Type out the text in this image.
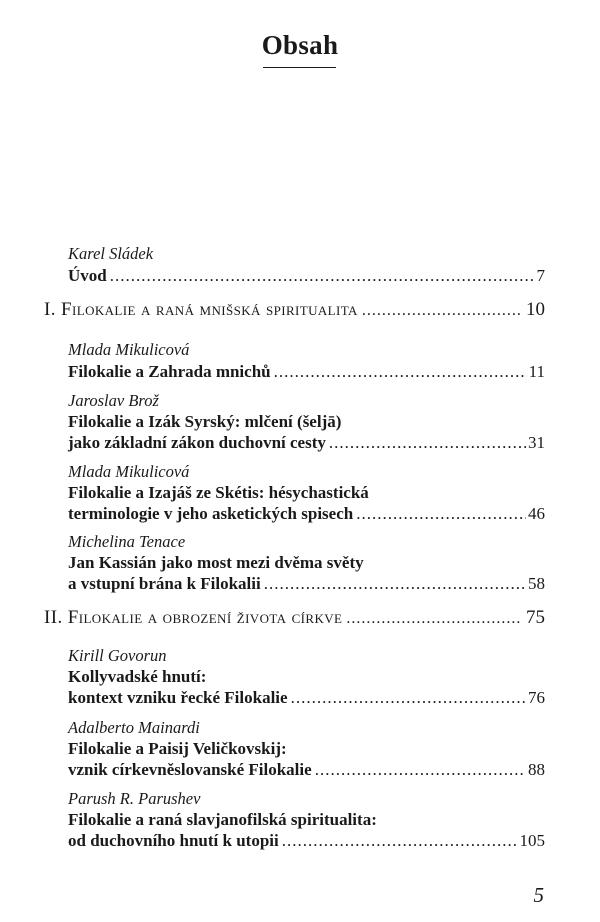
Obsah
Karel Sládek
Úvod .....	7
I. Filokalie a raná mnišská spiritualita .....	10
Mlada Mikulicová
Filokalie a Zahrada mnichů .....	11
Jaroslav Brož
Filokalie a Izák Syrský: mlčení (šeljā)
jako základní zákon duchovní cesty .....	31
Mlada Mikulicová
Filokalie a Izajáš ze Skétis: hésychastická
terminologie v jeho asketických spisech .....	46
Michelina Tenace
Jan Kassián jako most mezi dvěma světy
a vstupní brána k Filokalii .....	58
II. Filokalie a obrození života církve .....	75
Kirill Govorun
Kollyvadské hnutí:
kontext vzniku řecké Filokalie .....	76
Adalberto Mainardi
Filokalie a Paisij Veličkovskij:
vznik církevněslovanské Filokalie .....	88
Parush R. Parushev
Filokalie a raná slavjanofilská spiritualita:
od duchovního hnutí k utopii .....	105
5
